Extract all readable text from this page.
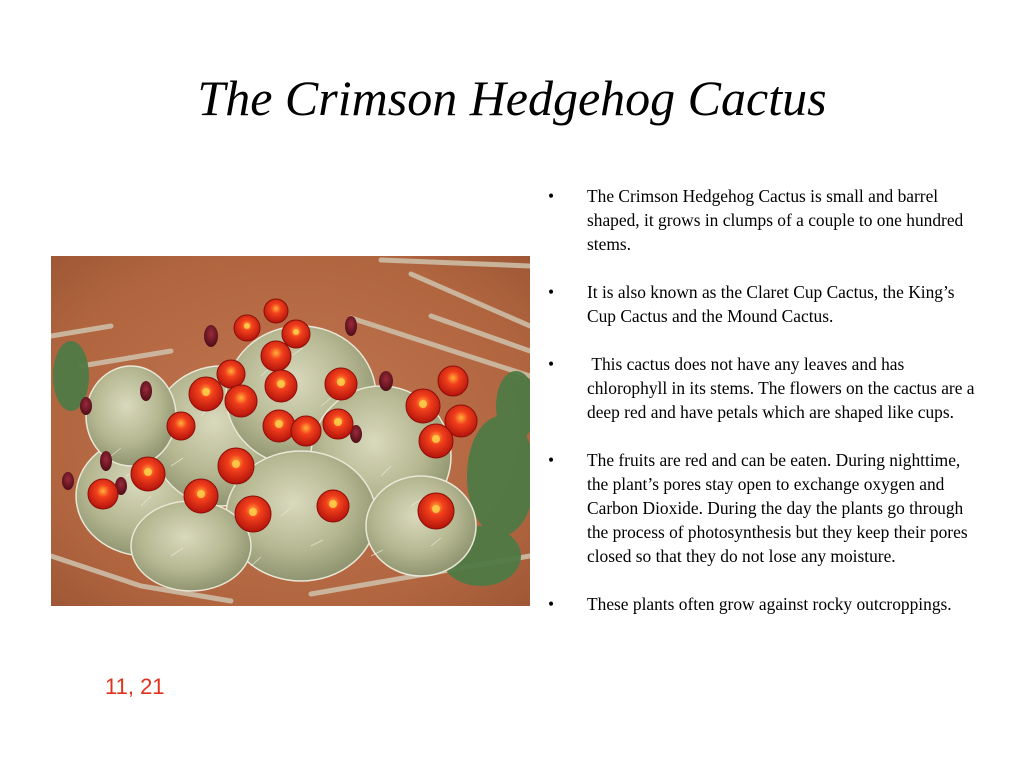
The Crimson Hedgehog Cactus
•	The Crimson Hedgehog Cactus is small and barrel shaped, it grows in clumps of a couple to one hundred stems.
•	It is also known as the Claret Cup Cactus, the King’s Cup Cactus and the Mound Cactus.
•	This cactus does not have any leaves and has chlorophyll in its stems. The flowers on the cactus are a deep red and have petals which are shaped like cups.
•	The fruits are red and can be eaten. During nighttime, the plant’s pores stay open to exchange oxygen and Carbon Dioxide. During the day the plants go through the process of photosynthesis but they keep their pores closed so that they do not lose any moisture.
•	These plants often grow against rocky outcroppings.
11, 21
